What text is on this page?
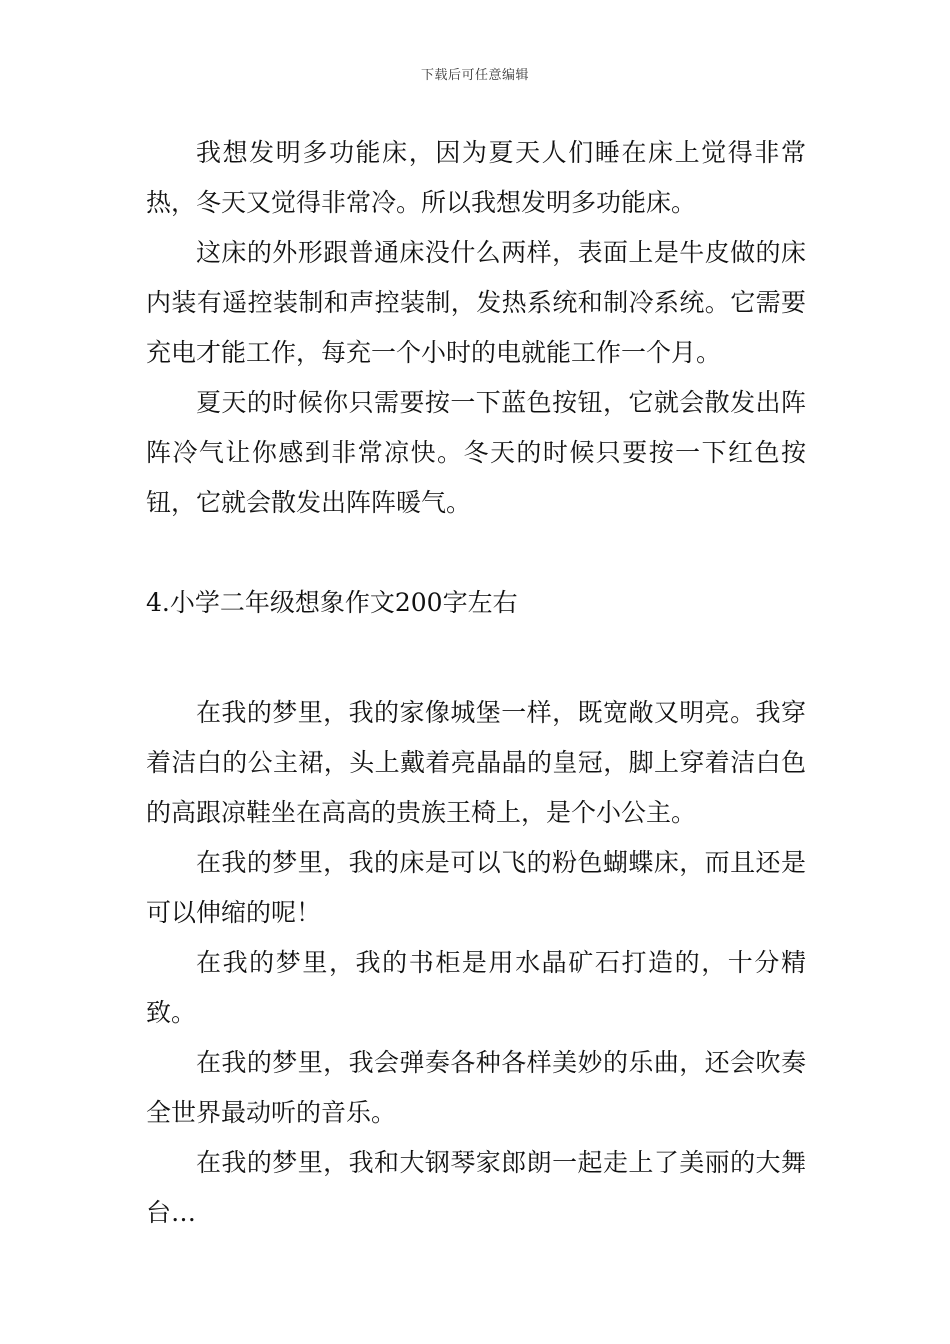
下载后可任意编辑

我想发明多功能床，因为夏天人们睡在床上觉得非常热，冬天又觉得非常冷。所以我想发明多功能床。

这床的外形跟普通床没什么两样，表面上是牛皮做的床内装有遥控装制和声控装制，发热系统和制冷系统。它需要充电才能工作，每充一个小时的电就能工作一个月。

夏天的时候你只需要按一下蓝色按钮，它就会散发出阵阵冷气让你感到非常凉快。冬天的时候只要按一下红色按钮，它就会散发出阵阵暖气。

4.小学二年级想象作文200字左右

在我的梦里，我的家像城堡一样，既宽敞又明亮。我穿着洁白的公主裙，头上戴着亮晶晶的皇冠，脚上穿着洁白色的高跟凉鞋坐在高高的贵族王椅上，是个小公主。

在我的梦里，我的床是可以飞的粉色蝴蝶床，而且还是可以伸缩的呢！

在我的梦里，我的书柜是用水晶矿石打造的，十分精致。

在我的梦里，我会弹奏各种各样美妙的乐曲，还会吹奏全世界最动听的音乐。

在我的梦里，我和大钢琴家郎朗一起走上了美丽的大舞台…
